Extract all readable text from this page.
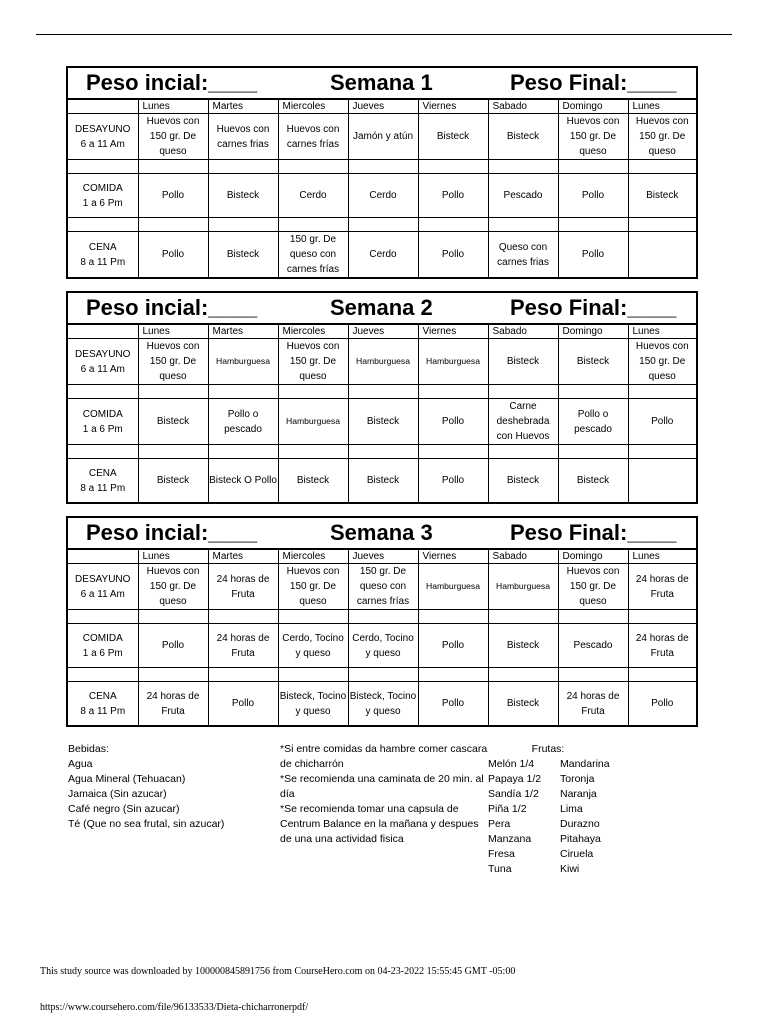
Peso incial:____	Semana 1	Peso Final:____
	Lunes	Martes	Miercoles	Jueves	Viernes	Sabado	Domingo	Lunes

DESAYUNO
6 a 11 Am	Huevos con 150 gr. De queso	Huevos con carnes frias	Huevos con carnes frías	Jamón y atún	Bisteck	Bisteck	Huevos con 150 gr. De queso	Huevos con 150 gr. De queso

COMIDA
1 a 6 Pm	Pollo	Bisteck	Cerdo	Cerdo	Pollo	Pescado	Pollo	Bisteck

CENA
8 a 11 Pm	Pollo	Bisteck	150 gr. De queso con carnes frías	Cerdo	Pollo	Queso con carnes frias	Pollo	
Peso incial:____	Semana 2	Peso Final:____
	Lunes	Martes	Miercoles	Jueves	Viernes	Sabado	Domingo	Lunes

DESAYUNO
6 a 11 Am	Huevos con 150 gr. De queso	Hamburguesa	Huevos con 150 gr. De queso	Hamburguesa	Hamburguesa	Bisteck	Bisteck	Huevos con 150 gr. De queso

COMIDA
1 a 6 Pm	Bisteck	Pollo o pescado	Hamburguesa	Bisteck	Pollo	Carne deshebrada con Huevos	Pollo o pescado	Pollo

CENA
8 a 11 Pm	Bisteck	Bisteck O Pollo	Bisteck	Bisteck	Pollo	Bisteck	Bisteck	
Peso incial:____	Semana 3	Peso Final:____
	Lunes	Martes	Miercoles	Jueves	Viernes	Sabado	Domingo	Lunes

DESAYUNO
6 a 11 Am	Huevos con 150 gr. De queso	24 horas de Fruta	Huevos con 150 gr. De queso	150 gr. De queso con carnes frías	Hamburguesa	Hamburguesa	Huevos con 150 gr. De queso	24 horas de Fruta

COMIDA
1 a 6 Pm	Pollo	24 horas de Fruta	Cerdo, Tocino y queso	Cerdo, Tocino y queso	Pollo	Bisteck	Pescado	24 horas de Fruta

CENA
8 a 11 Pm	24 horas de Fruta	Pollo	Bisteck, Tocino y queso	Bisteck, Tocino y queso	Pollo	Bisteck	24 horas de Fruta	Pollo
Bebidas:
Agua
Agua Mineral (Tehuacan)
Jamaica (Sin azucar)
Café negro (Sin azucar)
Té (Que no sea frutal, sin azucar)
*Si entre comidas da hambre comer cascara de chicharrón
*Se recomienda una caminata de 20 min. al día
*Se recomienda tomar una capsula de Centrum Balance en la mañana y despues de una una actividad fisica
Frutas:
Melón 1/4
Papaya 1/2
Sandía 1/2
Piña 1/2
Pera
Manzana
Fresa
Tuna
Mandarina
Toronja
Naranja
Lima
Durazno
Pitahaya
Ciruela
Kiwi
This study source was downloaded by 100000845891756 from CourseHero.com on 04-23-2022 15:55:45 GMT -05:00
https://www.coursehero.com/file/96133533/Dieta-chicharronerpdf/
